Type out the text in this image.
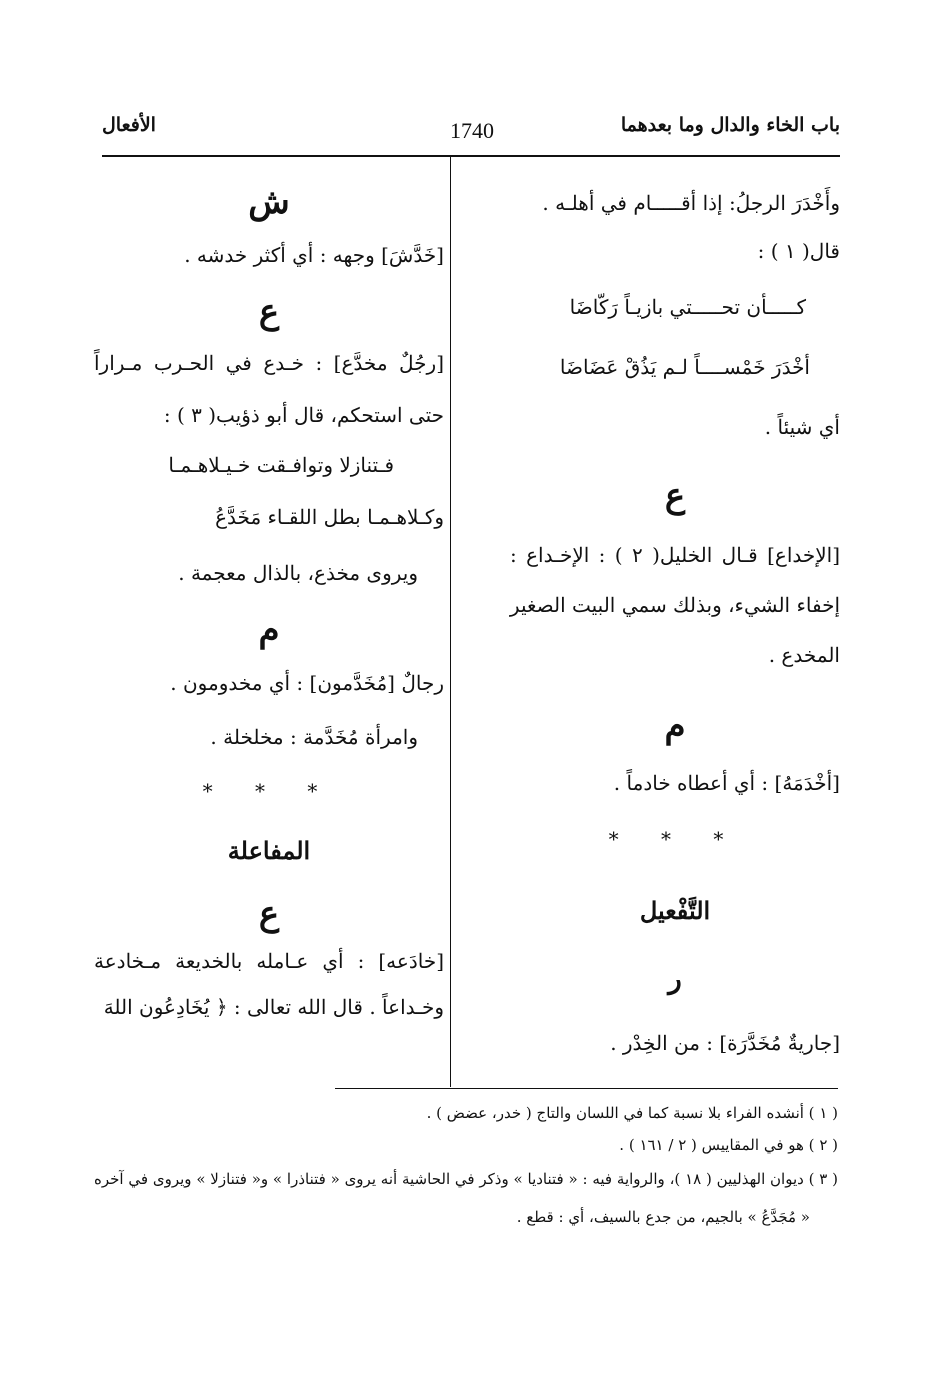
باب الخاء والدال وما بعدهما
1740
الأفعال
وأَخْدَرَ الرجلُ: إذا أقـــــام في أهلـه .
قال( ١ ) :
كـــــأن تحـــــتي بازيـاً رَكّاضَا
أخْدَرَ خَمْســــاً لـم يَذُقْ عَضَاضَا
أي شيئاً .
ع
[الإخداع] قـال الخليل( ٢ ) : الإخـداع :
إخفاء الشيء، وبذلك سمي البيت الصغير
المخدع .
م
[أخْدَمَهُ] : أي أعطاه خادماً .
* * *
التَّفْعيل
ر
[جاريةٌ مُخَدَّرَة] : من الخِدْر .
ش
[خَدَّشَ] وجهه : أي أكثر خدشه .
ع
[رجُلٌ مخدَّع] : خـدع في الحـرب مـراراً
حتى استحكم، قال أبو ذؤيب( ٣ ) :
فـتنازلا وتوافـقت خـيـلاهـمـا
وكـلاهـمـا بطل اللقـاء مَخَدَّعُ
ويروى مخذع، بالذال معجمة .
م
رجالٌ [مُخَدَّمون] : أي مخدومون .
وامرأة مُخَدَّمة : مخلخلة .
* * *
المفاعلة
ع
[خادَعه] : أي عـامله بالخديعة مـخادعة
وخـداعاً . قال الله تعالى : ﴿ يُخَادِعُون اللهَ
( ١ ) أنشده الفراء بلا نسبة كما في اللسان والتاج ( خدر، عضض ) .
( ٢ ) هو في المقاييس ( ٢ / ١٦١ ) .
( ٣ ) ديوان الهذليين ( ١٨ )، والرواية فيه : « فتناديا » وذكر في الحاشية أنه يروى « فتناذرا » و« فتنازلا » ويروى في آخره
« مُجَدَّعُ » بالجيم، من جدع بالسيف، أي : قطع .
